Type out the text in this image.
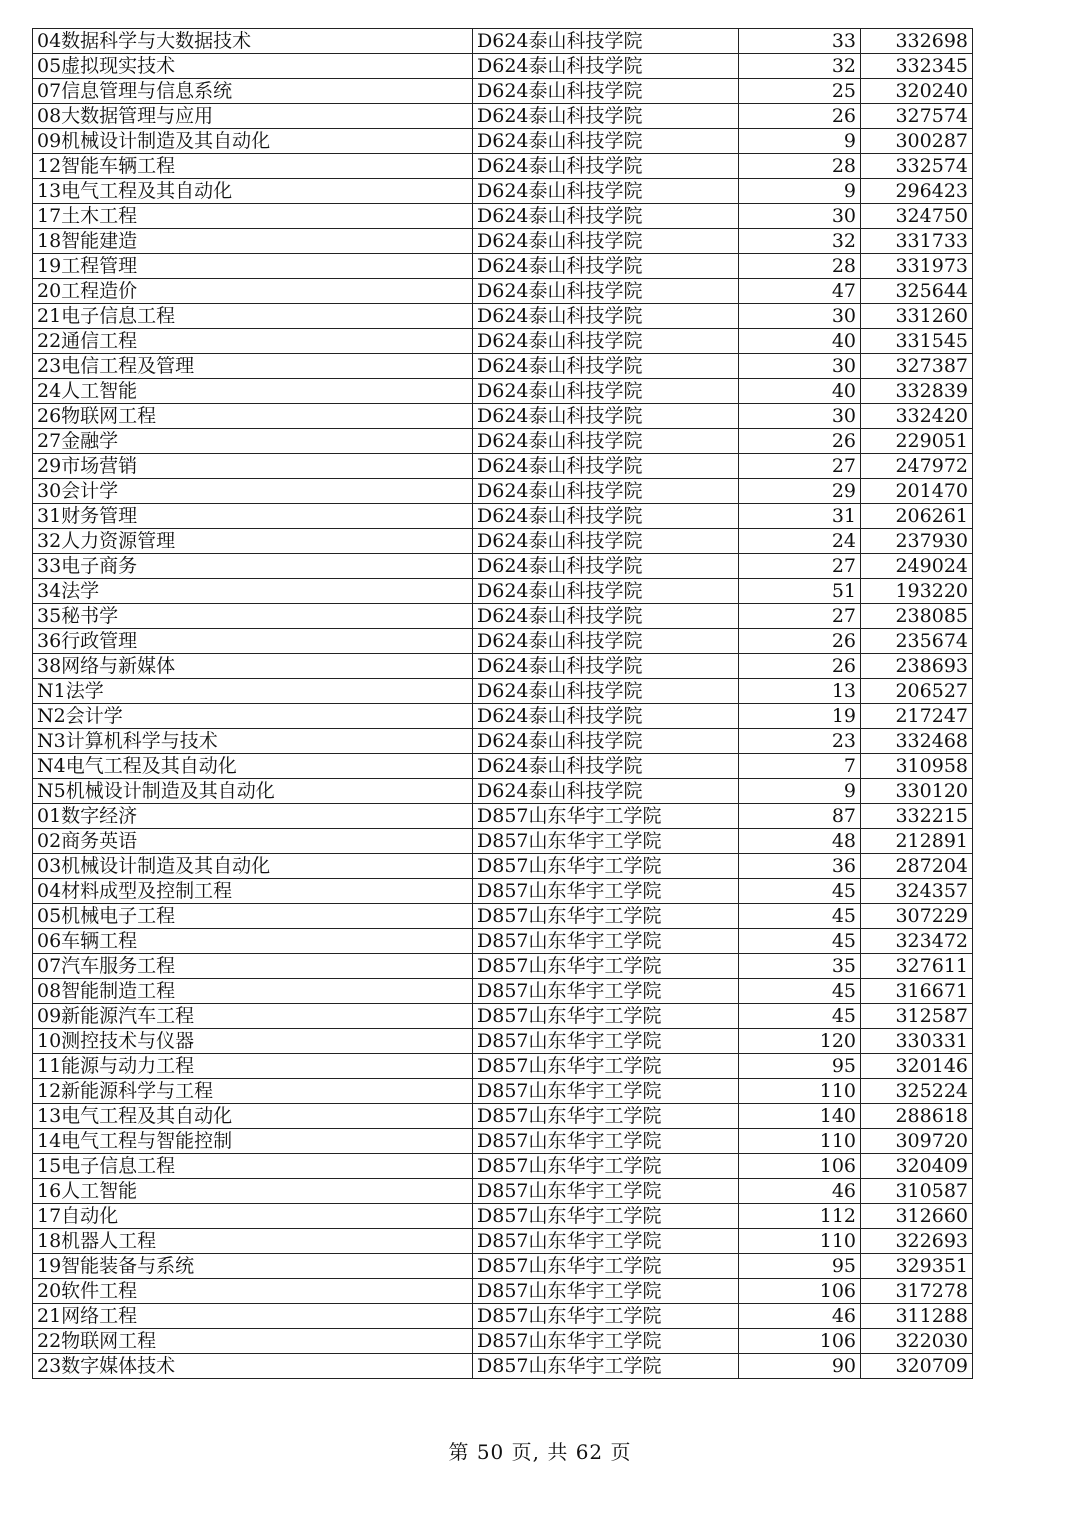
04数据科学与大数据技术	D624泰山科技学院	33	332698
05虚拟现实技术	D624泰山科技学院	32	332345
07信息管理与信息系统	D624泰山科技学院	25	320240
08大数据管理与应用	D624泰山科技学院	26	327574
09机械设计制造及其自动化	D624泰山科技学院	9	300287
12智能车辆工程	D624泰山科技学院	28	332574
13电气工程及其自动化	D624泰山科技学院	9	296423
17土木工程	D624泰山科技学院	30	324750
18智能建造	D624泰山科技学院	32	331733
19工程管理	D624泰山科技学院	28	331973
20工程造价	D624泰山科技学院	47	325644
21电子信息工程	D624泰山科技学院	30	331260
22通信工程	D624泰山科技学院	40	331545
23电信工程及管理	D624泰山科技学院	30	327387
24人工智能	D624泰山科技学院	40	332839
26物联网工程	D624泰山科技学院	30	332420
27金融学	D624泰山科技学院	26	229051
29市场营销	D624泰山科技学院	27	247972
30会计学	D624泰山科技学院	29	201470
31财务管理	D624泰山科技学院	31	206261
32人力资源管理	D624泰山科技学院	24	237930
33电子商务	D624泰山科技学院	27	249024
34法学	D624泰山科技学院	51	193220
35秘书学	D624泰山科技学院	27	238085
36行政管理	D624泰山科技学院	26	235674
38网络与新媒体	D624泰山科技学院	26	238693
N1法学	D624泰山科技学院	13	206527
N2会计学	D624泰山科技学院	19	217247
N3计算机科学与技术	D624泰山科技学院	23	332468
N4电气工程及其自动化	D624泰山科技学院	7	310958
N5机械设计制造及其自动化	D624泰山科技学院	9	330120
01数字经济	D857山东华宇工学院	87	332215
02商务英语	D857山东华宇工学院	48	212891
03机械设计制造及其自动化	D857山东华宇工学院	36	287204
04材料成型及控制工程	D857山东华宇工学院	45	324357
05机械电子工程	D857山东华宇工学院	45	307229
06车辆工程	D857山东华宇工学院	45	323472
07汽车服务工程	D857山东华宇工学院	35	327611
08智能制造工程	D857山东华宇工学院	45	316671
09新能源汽车工程	D857山东华宇工学院	45	312587
10测控技术与仪器	D857山东华宇工学院	120	330331
11能源与动力工程	D857山东华宇工学院	95	320146
12新能源科学与工程	D857山东华宇工学院	110	325224
13电气工程及其自动化	D857山东华宇工学院	140	288618
14电气工程与智能控制	D857山东华宇工学院	110	309720
15电子信息工程	D857山东华宇工学院	106	320409
16人工智能	D857山东华宇工学院	46	310587
17自动化	D857山东华宇工学院	112	312660
18机器人工程	D857山东华宇工学院	110	322693
19智能装备与系统	D857山东华宇工学院	95	329351
20软件工程	D857山东华宇工学院	106	317278
21网络工程	D857山东华宇工学院	46	311288
22物联网工程	D857山东华宇工学院	106	322030
23数字媒体技术	D857山东华宇工学院	90	320709
第 50 页, 共 62 页
